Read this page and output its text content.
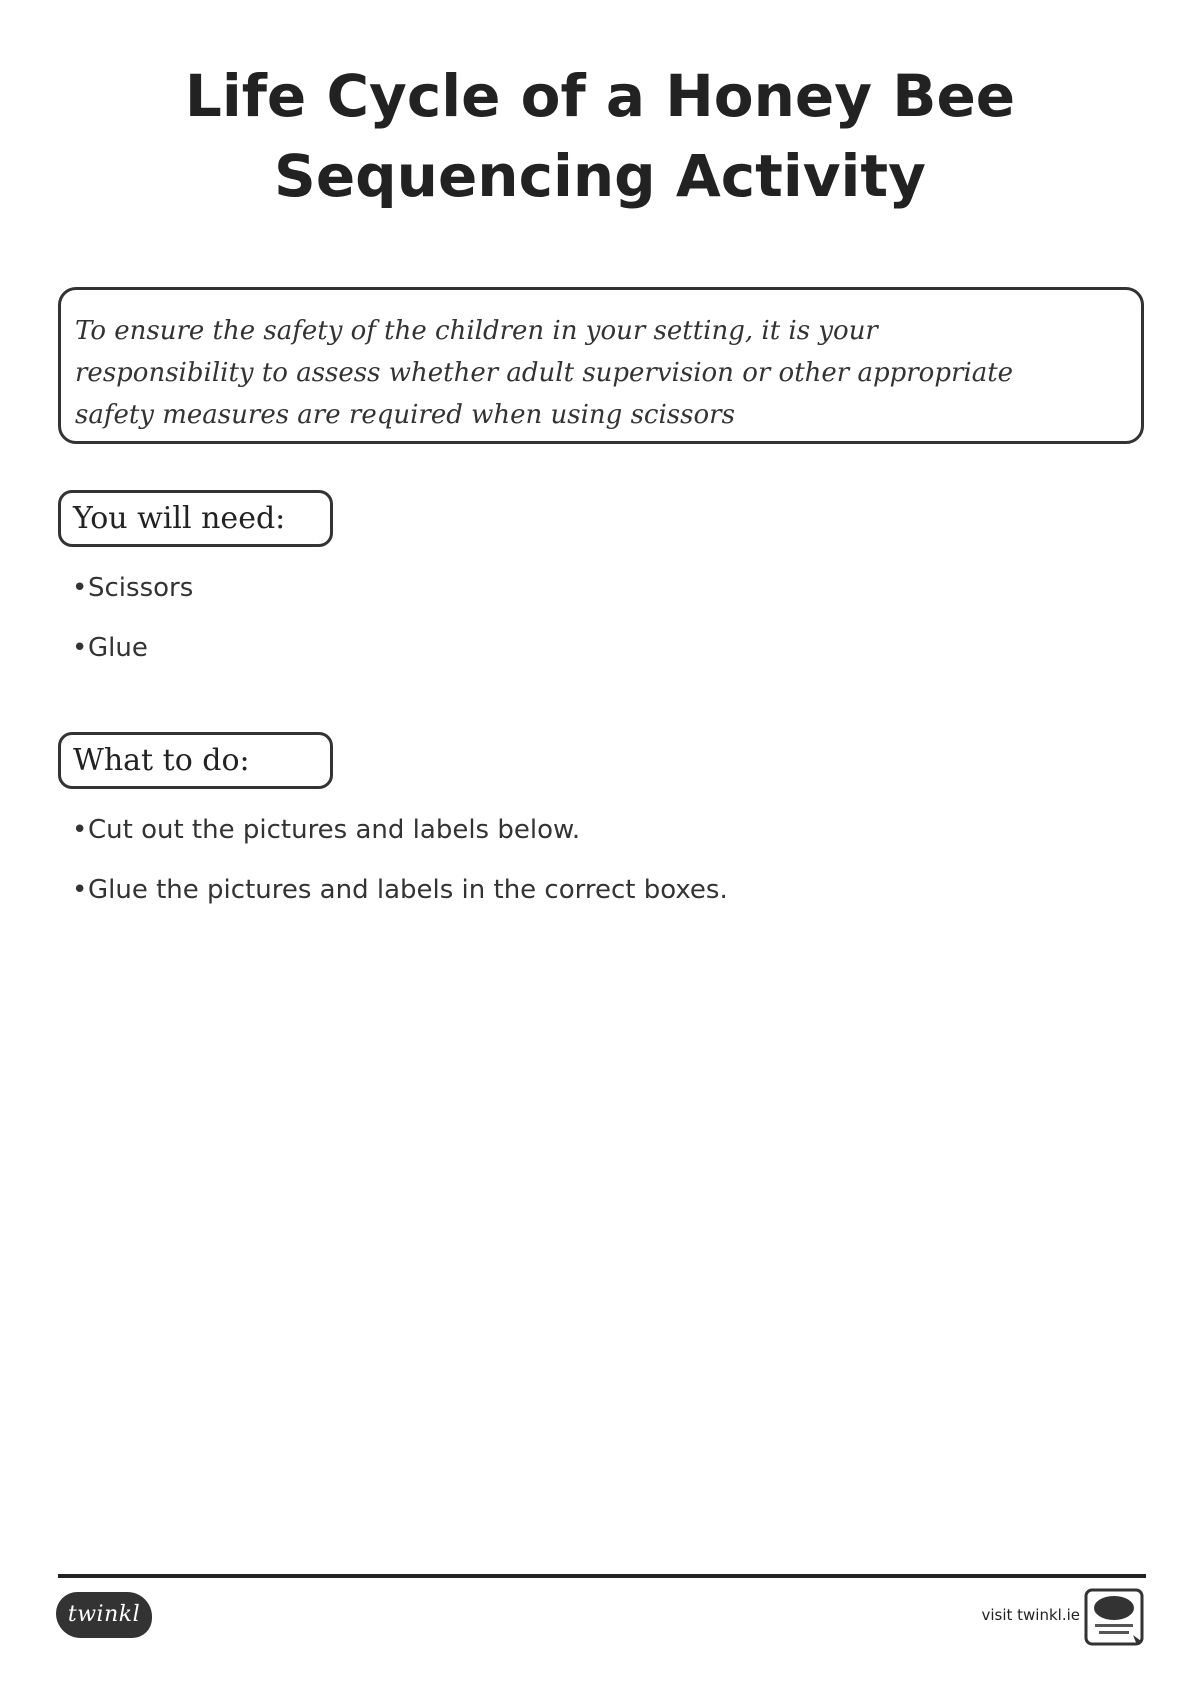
Life Cycle of a Honey Bee
Sequencing Activity

To ensure the safety of the children in your setting, it is your

responsibility to assess whether adult supervision or other appropriate

safety measures are required when using scissors

You will need:
•Scissors
•Glue
What to do:
•Cut out the pictures and labels below.
•Glue the pictures and labels in the correct boxes.
twinkl	visit twinkl.ie
